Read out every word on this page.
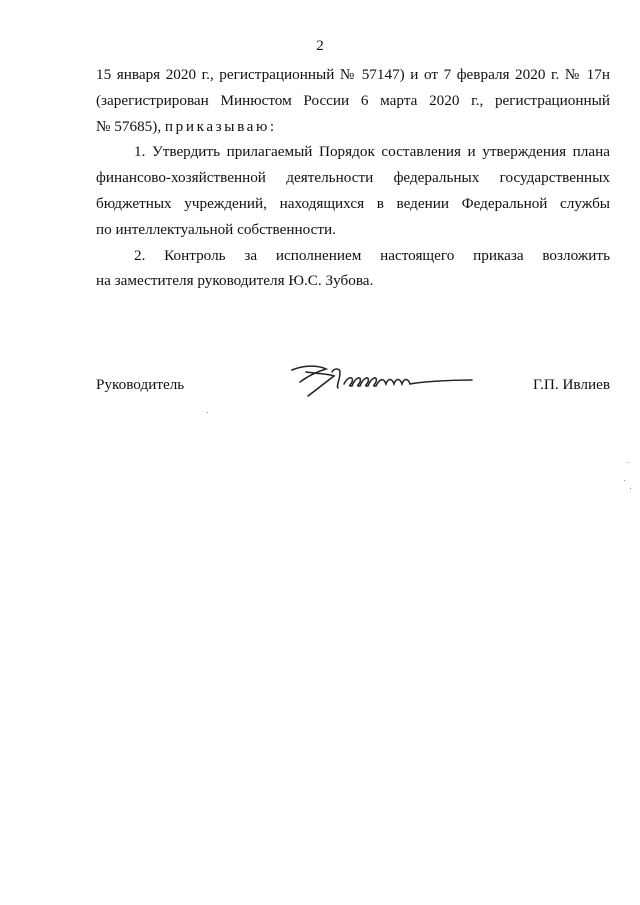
2

15 января 2020 г., регистрационный № 57147) и от 7 февраля 2020 г. № 17н

(зарегистрирован Минюстом России 6 марта 2020 г., регистрационный

№ 57685), приказываю:

1. Утвердить прилагаемый Порядок составления и утверждения плана

финансово-хозяйственной деятельности федеральных государственных

бюджетных учреждений, находящихся в ведении Федеральной службы

по интеллектуальной собственности.

2. Контроль за исполнением настоящего приказа возложить

на заместителя руководителя Ю.С. Зубова.

Руководитель	Г.П. Ивлиев
